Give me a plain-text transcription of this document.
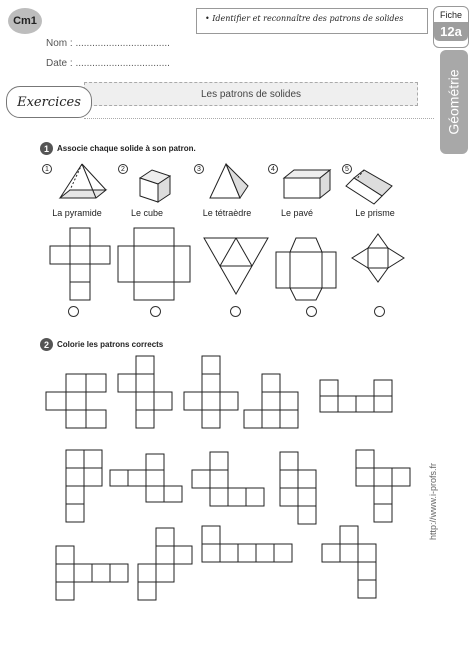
Cm1
Nom : ..................................
Date : ..................................
• Identifier et reconnaître des patrons de solides	Fiche
12a
Géométrie
Les patrons de solides
Exercices
1	Associe chaque solide à son patron.
1	2	3	4	5
La pyramide	Le cube	Le tétraèdre	Le pavé	Le prisme
2	Colorie les patrons corrects
http://www.i-profs.fr
